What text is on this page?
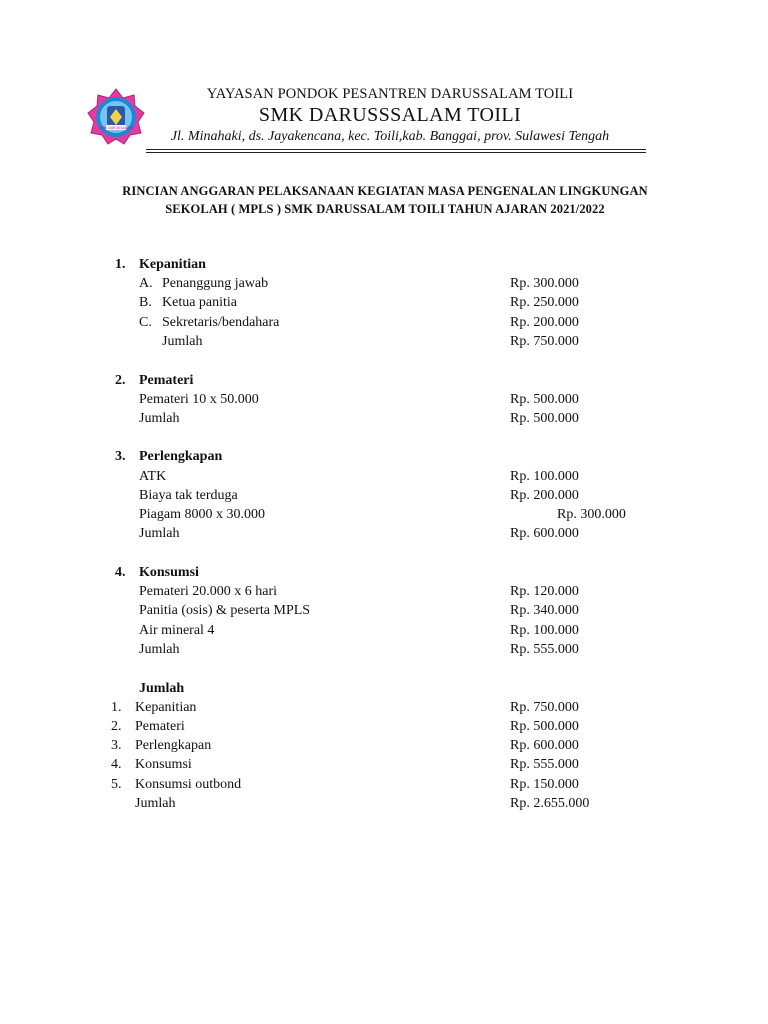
SMK DARUSSALAM
YAYASAN PONDOK PESANTREN DARUSSALAM TOILI
SMK DARUSSSALAM TOILI
Jl. Minahaki, ds. Jayakencana, kec. Toili,kab. Banggai, prov. Sulawesi Tengah
RINCIAN ANGGARAN PELAKSANAAN KEGIATAN MASA PENGENALAN LINGKUNGAN
SEKOLAH ( MPLS ) SMK DARUSSALAM TOILI TAHUN AJARAN 2021/2022
1. Kepanitian
A. Penanggung jawab	Rp. 300.000
B. Ketua panitia	Rp. 250.000
C. Sekretaris/bendahara	Rp. 200.000
Jumlah	Rp. 750.000
2. Pemateri
Pemateri 10 x 50.000	Rp. 500.000
Jumlah	Rp. 500.000
3. Perlengkapan
ATK	Rp. 100.000
Biaya tak terduga	Rp. 200.000
Piagam 8000 x 30.000	Rp. 300.000
Jumlah	Rp. 600.000
4. Konsumsi
Pemateri 20.000 x 6 hari	Rp. 120.000
Panitia (osis) & peserta MPLS	Rp. 340.000
Air mineral 4	Rp. 100.000
Jumlah	Rp. 555.000
Jumlah
1. Kepanitian	Rp. 750.000
2. Pemateri	Rp. 500.000
3. Perlengkapan	Rp. 600.000
4. Konsumsi	Rp. 555.000
5. Konsumsi outbond	Rp. 150.000
Jumlah	Rp. 2.655.000
